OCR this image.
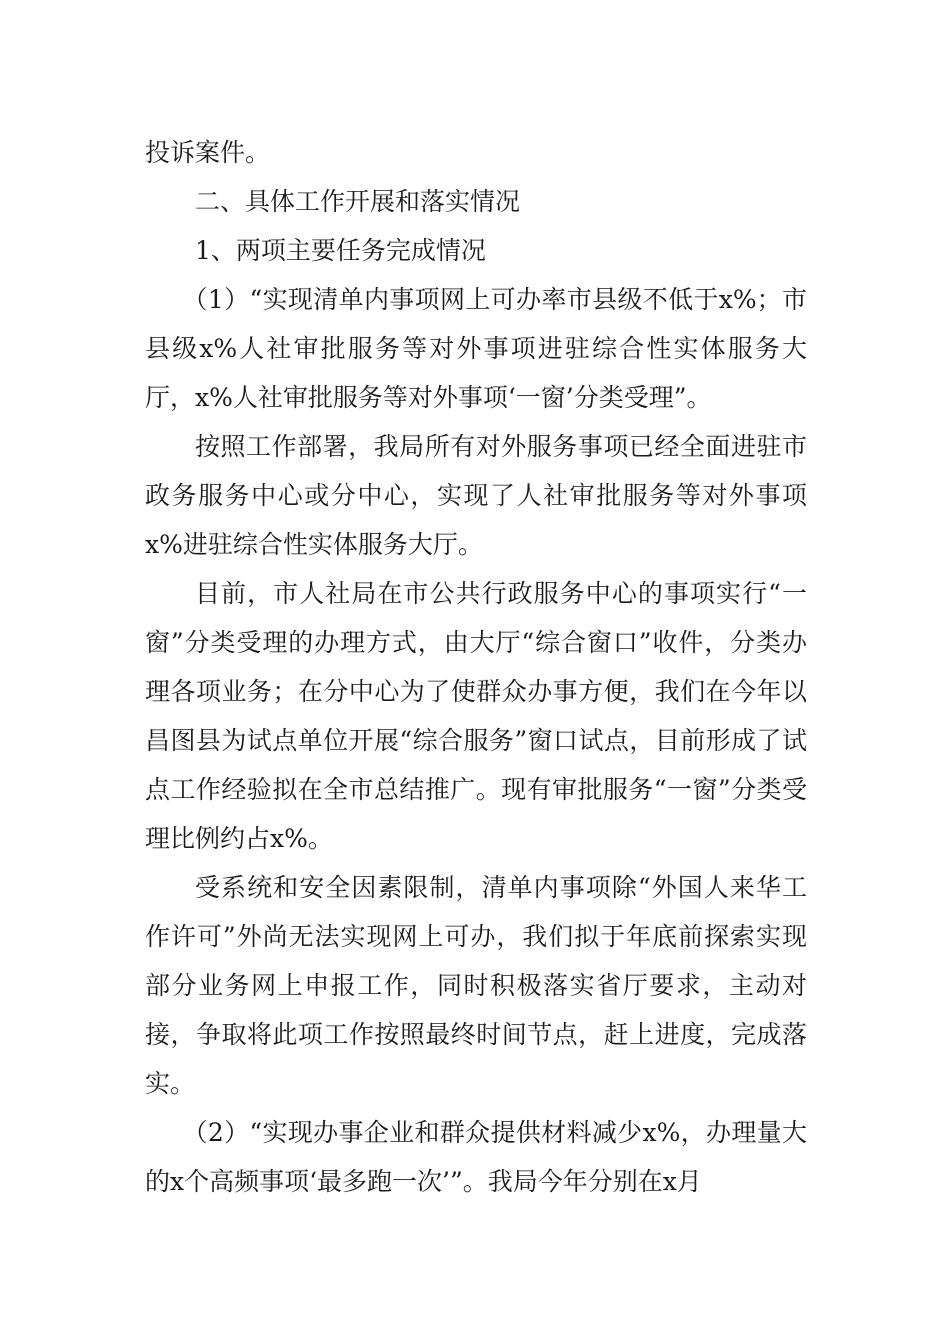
投诉案件。

二、具体工作开展和落实情况

1、两项主要任务完成情况

（1）“实现清单内事项网上可办率市县级不低于x%；市县级x%人社审批服务等对外事项进驻综合性实体服务大厅，x%人社审批服务等对外事项‘一窗’分类受理”。

按照工作部署，我局所有对外服务事项已经全面进驻市政务服务中心或分中心，实现了人社审批服务等对外事项x%进驻综合性实体服务大厅。

目前，市人社局在市公共行政服务中心的事项实行“一窗”分类受理的办理方式，由大厅“综合窗口”收件，分类办理各项业务；在分中心为了使群众办事方便，我们在今年以昌图县为试点单位开展“综合服务”窗口试点，目前形成了试点工作经验拟在全市总结推广。现有审批服务“一窗”分类受理比例约占x%。

受系统和安全因素限制，清单内事项除“外国人来华工作许可”外尚无法实现网上可办，我们拟于年底前探索实现部分业务网上申报工作，同时积极落实省厅要求，主动对接，争取将此项工作按照最终时间节点，赶上进度，完成落实。

（2）“实现办事企业和群众提供材料减少x%，办理量大的x个高频事项‘最多跑一次’”。我局今年分别在x月
